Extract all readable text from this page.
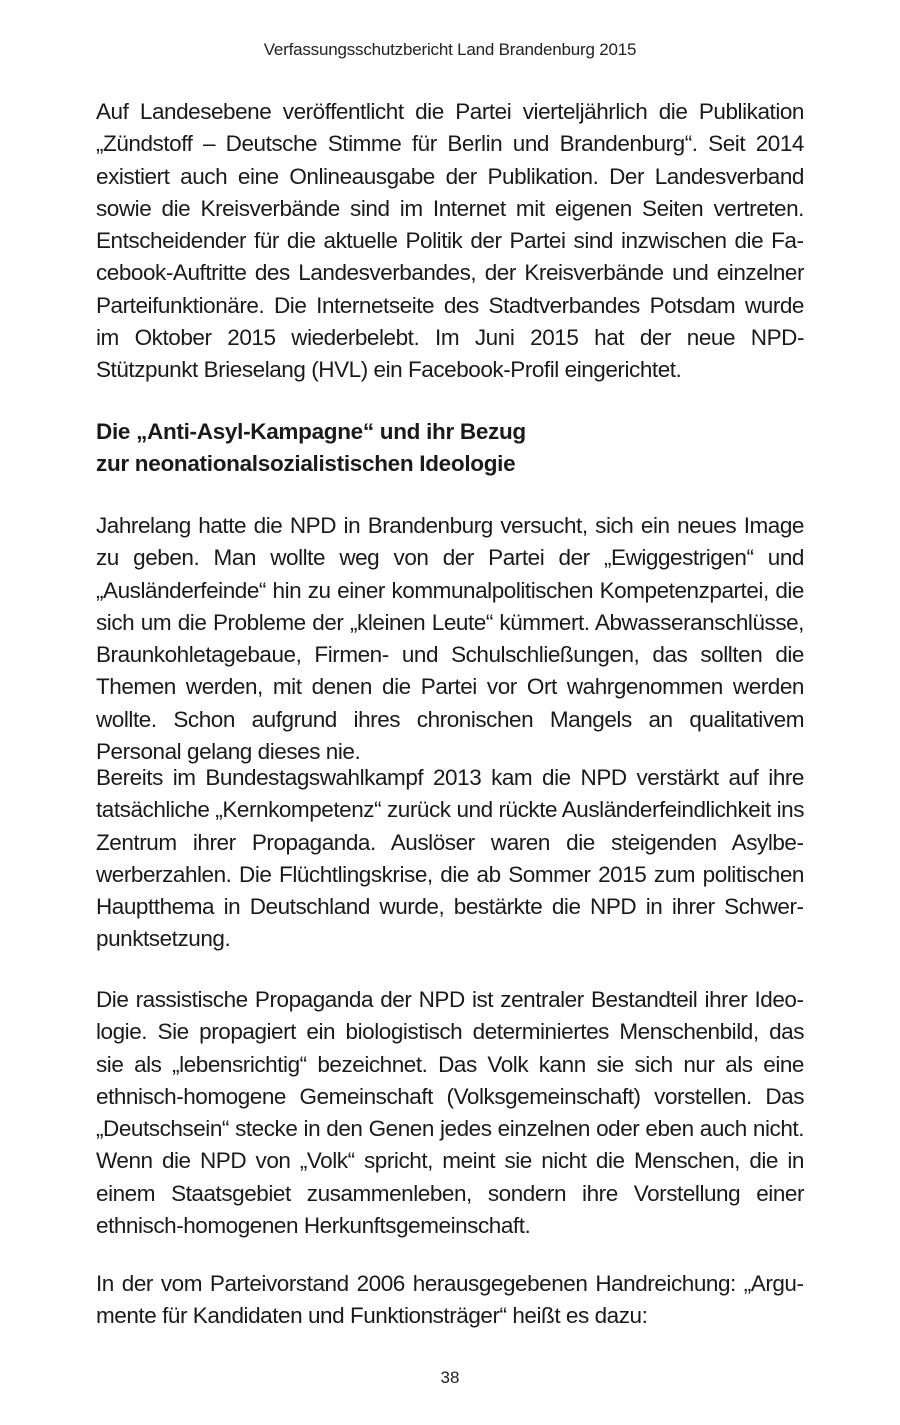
Verfassungsschutzbericht Land Brandenburg 2015

Auf Landesebene veröffentlicht die Partei vierteljährlich die Publikation „Zündstoff – Deutsche Stimme für Berlin und Brandenburg“. Seit 2014 existiert auch eine Onlineausgabe der Publikation. Der Landesverband sowie die Kreisverbände sind im Internet mit eigenen Seiten vertreten. Entscheidender für die aktuelle Politik der Partei sind inzwischen die Facebook-Auftritte des Landesverbandes, der Kreisverbände und einzelner Parteifunktionäre. Die Internetseite des Stadtverbandes Potsdam wurde im Oktober 2015 wiederbelebt. Im Juni 2015 hat der neue NPD-Stützpunkt Brieselang (HVL) ein Facebook-Profil eingerichtet.

Die „Anti-Asyl-Kampagne“ und ihr Bezug
zur neonationalsozialistischen Ideologie

Jahrelang hatte die NPD in Brandenburg versucht, sich ein neues Image zu geben. Man wollte weg von der Partei der „Ewiggestrigen“ und „Ausländerfeinde“ hin zu einer kommunalpolitischen Kompetenzpartei, die sich um die Probleme der „kleinen Leute“ kümmert. Abwasseranschlüsse, Braunkohletagebaue, Firmen- und Schulschließungen, das sollten die Themen werden, mit denen die Partei vor Ort wahrgenommen werden wollte. Schon aufgrund ihres chronischen Mangels an qualitativem Personal gelang dieses nie.

Bereits im Bundestagswahlkampf 2013 kam die NPD verstärkt auf ihre tatsächliche „Kernkompetenz“ zurück und rückte Ausländerfeindlichkeit ins Zentrum ihrer Propaganda. Auslöser waren die steigenden Asylbewerberzahlen. Die Flüchtlingskrise, die ab Sommer 2015 zum politischen Hauptthema in Deutschland wurde, bestärkte die NPD in ihrer Schwerpunktsetzung.

Die rassistische Propaganda der NPD ist zentraler Bestandteil ihrer Ideologie. Sie propagiert ein biologistisch determiniertes Menschenbild, das sie als „lebensrichtig“ bezeichnet. Das Volk kann sie sich nur als eine ethnisch-homogene Gemeinschaft (Volksgemeinschaft) vorstellen. Das „Deutschsein“ stecke in den Genen jedes einzelnen oder eben auch nicht. Wenn die NPD von „Volk“ spricht, meint sie nicht die Menschen, die in einem Staatsgebiet zusammenleben, sondern ihre Vorstellung einer ethnisch-homogenen Herkunftsgemeinschaft.

In der vom Parteivorstand 2006 herausgegebenen Handreichung: „Argumente für Kandidaten und Funktionsträger“ heißt es dazu:

38
